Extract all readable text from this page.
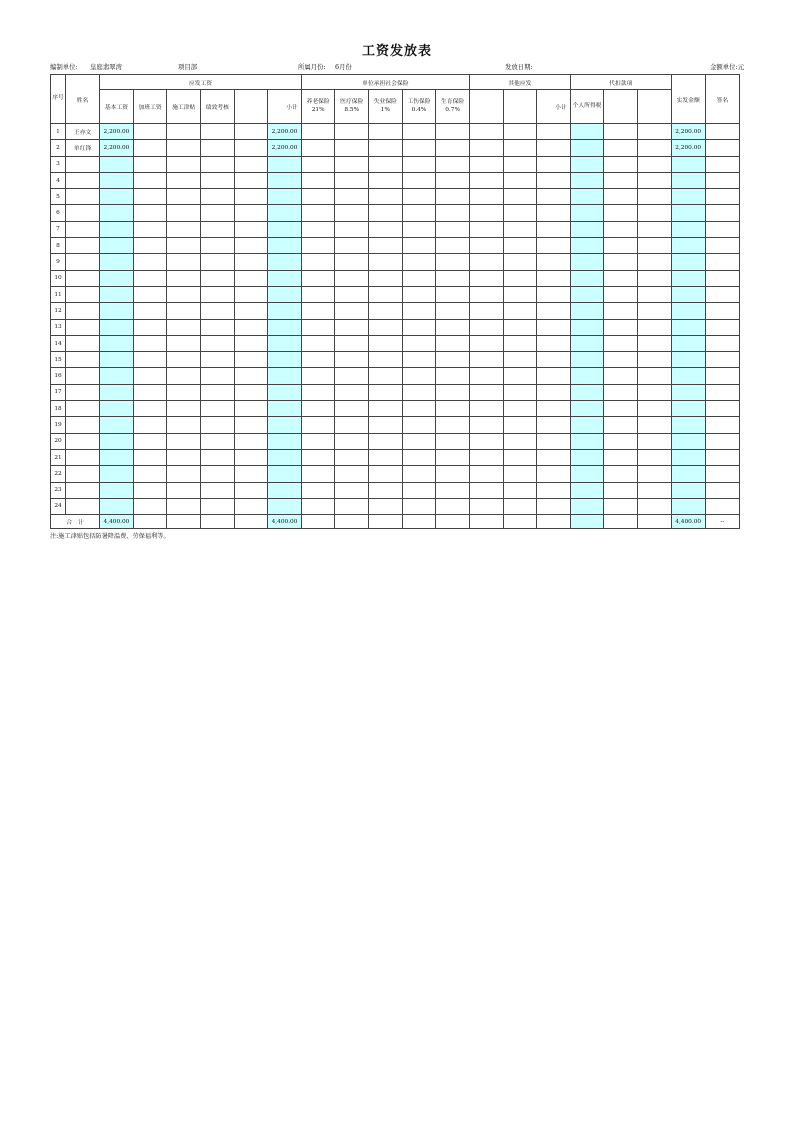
工资发放表
编制单位: 皇庭翡翠湾	项目部	所属月份: 6月份	发放日期:	金额单位:元
序号	姓名	应发工资						单位承担社会保险					其他应发			代扣款项			实发金额	签名
		基本工资	加班工资	施工津贴	绩效考核		小计	养老保险 21%	医疗保险 8.5%	失业保险 1%	工伤保险 0.4%	生育保险 0.7%			小计	个人所得税				
1	王亦文	2,200.00					2,200.00												2,200.00	
2	单红锋	2,200.00					2,200.00												2,200.00	
3																				
4																				
5																				
6																				
7																				
8																				
9																				
10																				
11																				
12																				
13																				
14																				
15																				
16																				
17																				
18																				
19																				
20																				
21																				
22																				
23																				
24																				
合　计		4,400.00					4,400.00												4,400.00	--
注:施工津贴包括防暑降温费、劳保福利等。
